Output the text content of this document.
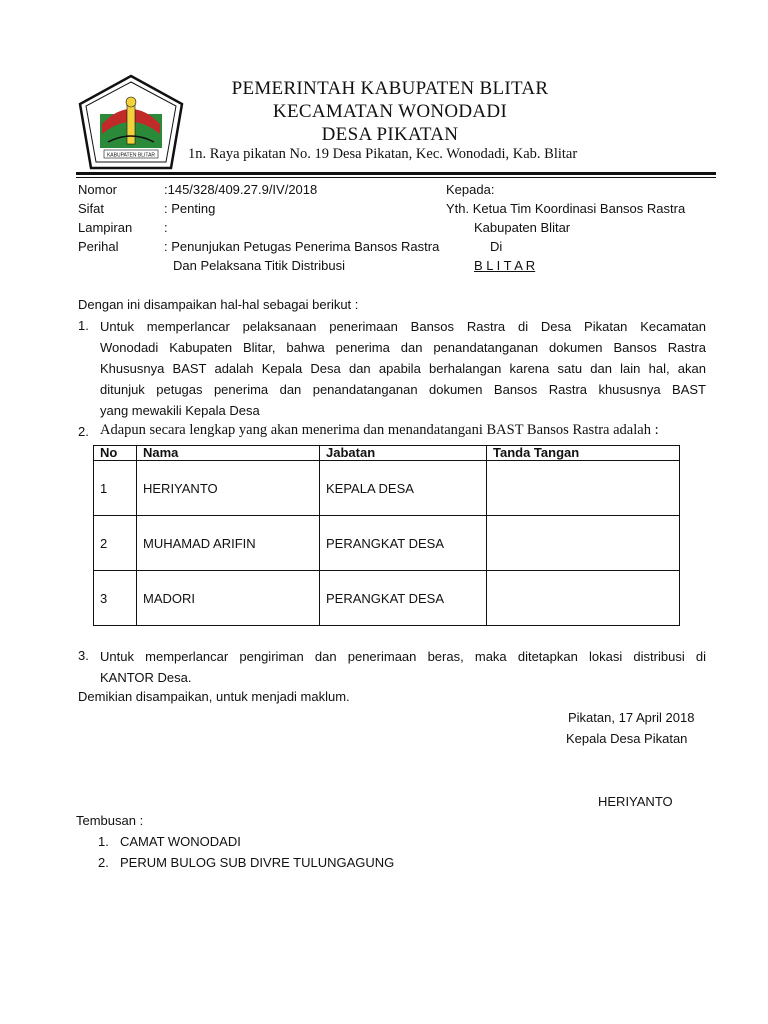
KABUPATEN BLITAR
PEMERINTAH KABUPATEN BLITAR
KECAMATAN WONODADI
DESA PIKATAN
1n. Raya pikatan No. 19 Desa Pikatan, Kec. Wonodadi, Kab. Blitar
Nomor	:145/328/409.27.9/IV/2018
Sifat	: Penting
Lampiran :
Perihal	: Penunjukan Petugas Penerima Bansos Rastra
Dan Pelaksana Titik Distribusi
Kepada:
Yth. Ketua Tim Koordinasi Bansos Rastra
Kabupaten Blitar
Di
B L I T A R
Dengan ini disampaikan hal-hal sebagai berikut :
1. Untuk memperlancar pelaksanaan penerimaan Bansos Rastra di Desa Pikatan Kecamatan
Wonodadi Kabupaten Blitar, bahwa penerima dan penandatanganan dokumen Bansos Rastra
Khususnya BAST adalah Kepala Desa dan apabila berhalangan karena satu dan lain hal, akan
ditunjuk petugas penerima dan penandatanganan dokumen Bansos Rastra khususnya BAST
yang mewakili Kepala Desa
2. Adapun secara lengkap yang akan menerima dan menandatangani BAST Bansos Rastra adalah :
No	Nama	Jabatan	Tanda Tangan
1	HERIYANTO	KEPALA DESA	
2	MUHAMAD ARIFIN	PERANGKAT DESA	
3	MADORI	PERANGKAT DESA	
3. Untuk memperlancar pengiriman dan penerimaan beras, maka ditetapkan lokasi distribusi di
KANTOR Desa.
Demikian disampaikan, untuk menjadi maklum.
Pikatan, 17 April 2018
Kepala Desa Pikatan
HERIYANTO
Tembusan :
1. CAMAT WONODADI
2. PERUM BULOG SUB DIVRE TULUNGAGUNG
